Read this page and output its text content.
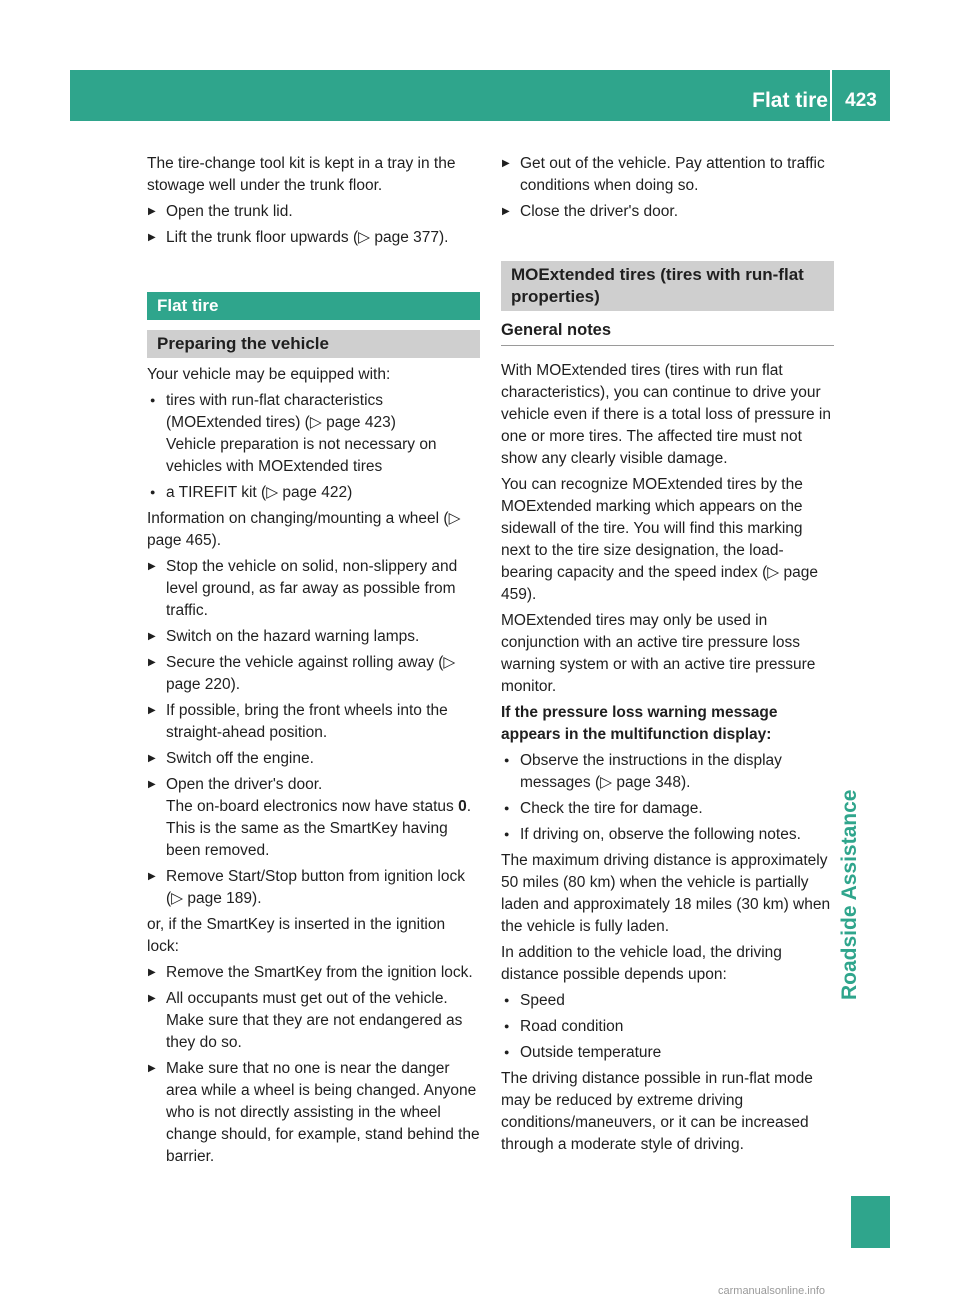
Flat tire 423
Roadside Assistance

The tire-change tool kit is kept in a tray in the stowage well under the trunk floor.

▶ Open the trunk lid.
▶ Lift the trunk floor upwards (▷ page 377).
Flat tire
Preparing the vehicle

Your vehicle may be equipped with:

● tires with run-flat characteristics (MOExtended tires) (▷ page 423)
Vehicle preparation is not necessary on vehicles with MOExtended tires
● a TIREFIT kit (▷ page 422)

Information on changing/mounting a wheel (▷ page 465).

▶ Stop the vehicle on solid, non-slippery and level ground, as far away as possible from traffic.
▶ Switch on the hazard warning lamps.
▶ Secure the vehicle against rolling away (▷ page 220).
▶ If possible, bring the front wheels into the straight-ahead position.
▶ Switch off the engine.
▶ Open the driver's door.
The on-board electronics now have status 0. This is the same as the SmartKey having been removed.
▶ Remove Start/Stop button from ignition lock (▷ page 189).

or, if the SmartKey is inserted in the ignition lock:

▶ Remove the SmartKey from the ignition lock.
▶ All occupants must get out of the vehicle. Make sure that they are not endangered as they do so.
▶ Make sure that no one is near the danger area while a wheel is being changed. Anyone who is not directly assisting in the wheel change should, for example, stand behind the barrier.
▶ Get out of the vehicle. Pay attention to traffic conditions when doing so.
▶ Close the driver's door.
MOExtended tires (tires with run-flat properties)
General notes

With MOExtended tires (tires with run flat characteristics), you can continue to drive your vehicle even if there is a total loss of pressure in one or more tires. The affected tire must not show any clearly visible damage.

You can recognize MOExtended tires by the MOExtended marking which appears on the sidewall of the tire. You will find this marking next to the tire size designation, the load-bearing capacity and the speed index (▷ page 459).

MOExtended tires may only be used in conjunction with an active tire pressure loss warning system or with an active tire pressure monitor.

If the pressure loss warning message appears in the multifunction display:

● Observe the instructions in the display messages (▷ page 348).
● Check the tire for damage.
● If driving on, observe the following notes.

The maximum driving distance is approximately 50 miles (80 km) when the vehicle is partially laden and approximately 18 miles (30 km) when the vehicle is fully laden.

In addition to the vehicle load, the driving distance possible depends upon:

● Speed
● Road condition
● Outside temperature

The driving distance possible in run-flat mode may be reduced by extreme driving conditions/maneuvers, or it can be increased through a moderate style of driving.

carmanualsonline.info
